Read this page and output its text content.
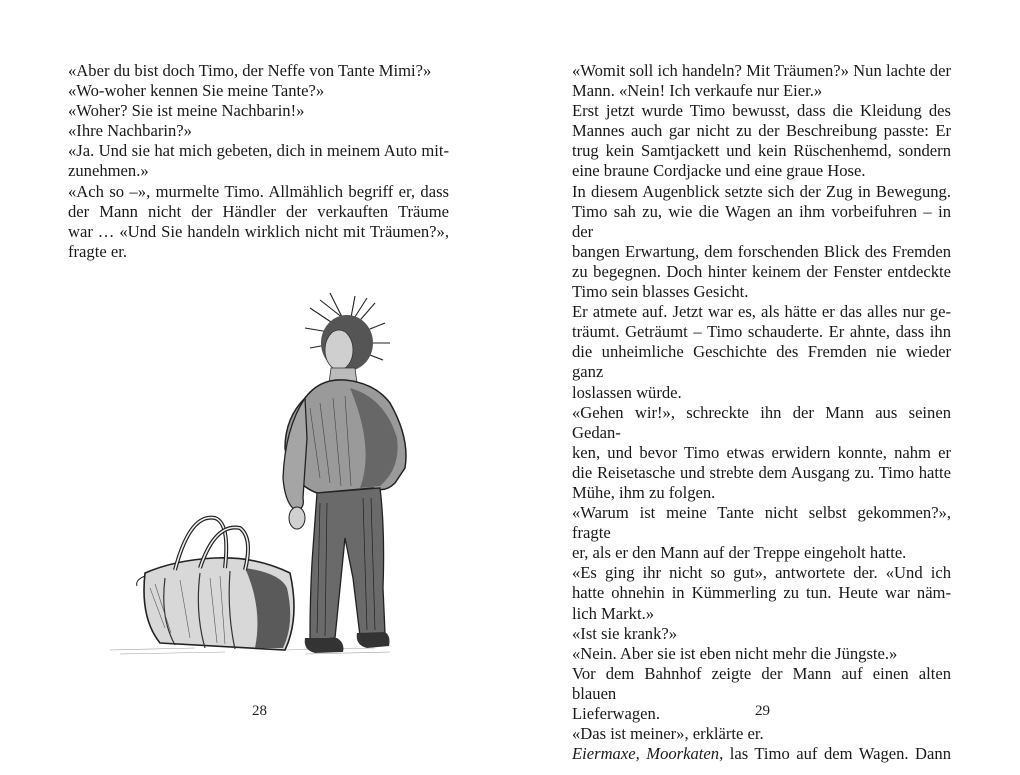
«Aber du bist doch Timo, der Neffe von Tante Mimi?»
«Wo-woher kennen Sie meine Tante?»
«Woher? Sie ist meine Nachbarin!»
«Ihre Nachbarin?»
«Ja. Und sie hat mich gebeten, dich in meinem Auto mit-
zunehmen.»
«Ach so –», murmelte Timo. Allmählich begriff er, dass
der Mann nicht der Händler der verkauften Träume
war … «Und Sie handeln wirklich nicht mit Träumen?»,
fragte er.
28
«Womit soll ich handeln? Mit Träumen?» Nun lachte der
Mann. «Nein! Ich verkaufe nur Eier.»
Erst jetzt wurde Timo bewusst, dass die Kleidung des
Mannes auch gar nicht zu der Beschreibung passte: Er
trug kein Samtjackett und kein Rüschenhemd, sondern
eine braune Cordjacke und eine graue Hose.
In diesem Augenblick setzte sich der Zug in Bewegung.
Timo sah zu, wie die Wagen an ihm vorbeifuhren – in der
bangen Erwartung, dem forschenden Blick des Fremden
zu begegnen. Doch hinter keinem der Fenster entdeckte
Timo sein blasses Gesicht.
Er atmete auf. Jetzt war es, als hätte er das alles nur ge-
träumt. Geträumt – Timo schauderte. Er ahnte, dass ihn
die unheimliche Geschichte des Fremden nie wieder ganz
loslassen würde.
«Gehen wir!», schreckte ihn der Mann aus seinen Gedan-
ken, und bevor Timo etwas erwidern konnte, nahm er
die Reisetasche und strebte dem Ausgang zu. Timo hatte
Mühe, ihm zu folgen.
«Warum ist meine Tante nicht selbst gekommen?», fragte
er, als er den Mann auf der Treppe eingeholt hatte.
«Es ging ihr nicht so gut», antwortete der. «Und ich
hatte ohnehin in Kümmerling zu tun. Heute war näm-
lich Markt.»
«Ist sie krank?»
«Nein. Aber sie ist eben nicht mehr die Jüngste.»
Vor dem Bahnhof zeigte der Mann auf einen alten blauen
Lieferwagen.
«Das ist meiner», erklärte er.
Eiermaxe, Moorkaten, las Timo auf dem Wagen. Dann
29
